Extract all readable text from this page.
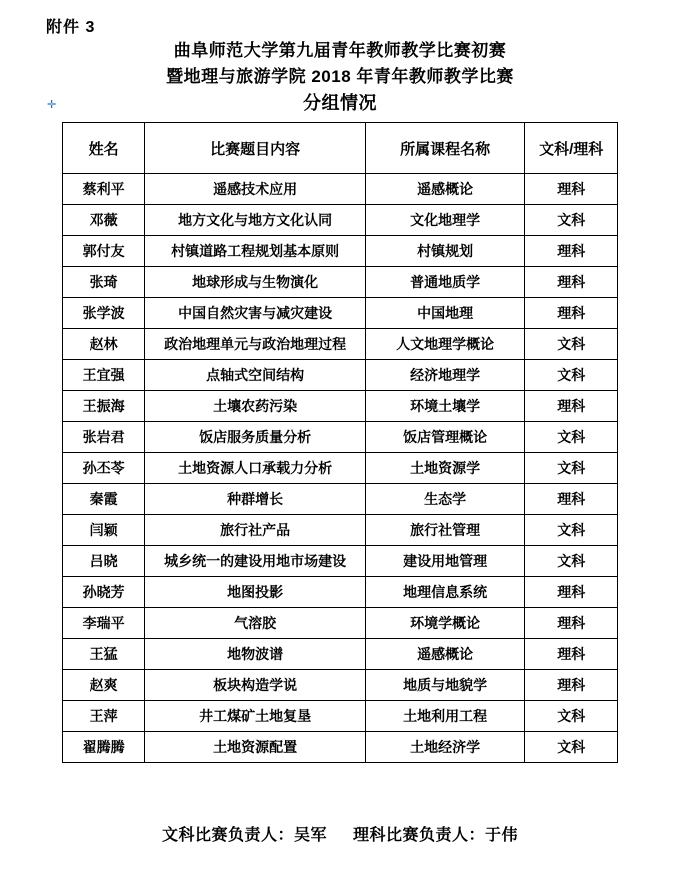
附件 3
曲阜师范大学第九届青年教师教学比赛初赛
暨地理与旅游学院 2018 年青年教师教学比赛
分组情况
✛
姓名	比赛题目内容	所属课程名称	文科/理科
蔡利平	遥感技术应用	遥感概论	理科
邓薇	地方文化与地方文化认同	文化地理学	文科
郭付友	村镇道路工程规划基本原则	村镇规划	理科
张琦	地球形成与生物演化	普通地质学	理科
张学波	中国自然灾害与减灾建设	中国地理	理科
赵林	政治地理单元与政治地理过程	人文地理学概论	文科
王宜强	点轴式空间结构	经济地理学	文科
王振海	土壤农药污染	环境土壤学	理科
张岩君	饭店服务质量分析	饭店管理概论	文科
孙丕苓	土地资源人口承载力分析	土地资源学	文科
秦霞	种群增长	生态学	理科
闫颖	旅行社产品	旅行社管理	文科
吕晓	城乡统一的建设用地市场建设	建设用地管理	文科
孙晓芳	地图投影	地理信息系统	理科
李瑞平	气溶胶	环境学概论	理科
王猛	地物波谱	遥感概论	理科
赵爽	板块构造学说	地质与地貌学	理科
王萍	井工煤矿土地复垦	土地利用工程	文科
翟腾腾	土地资源配置	土地经济学	文科
文科比赛负责人：吴军 理科比赛负责人：于伟
